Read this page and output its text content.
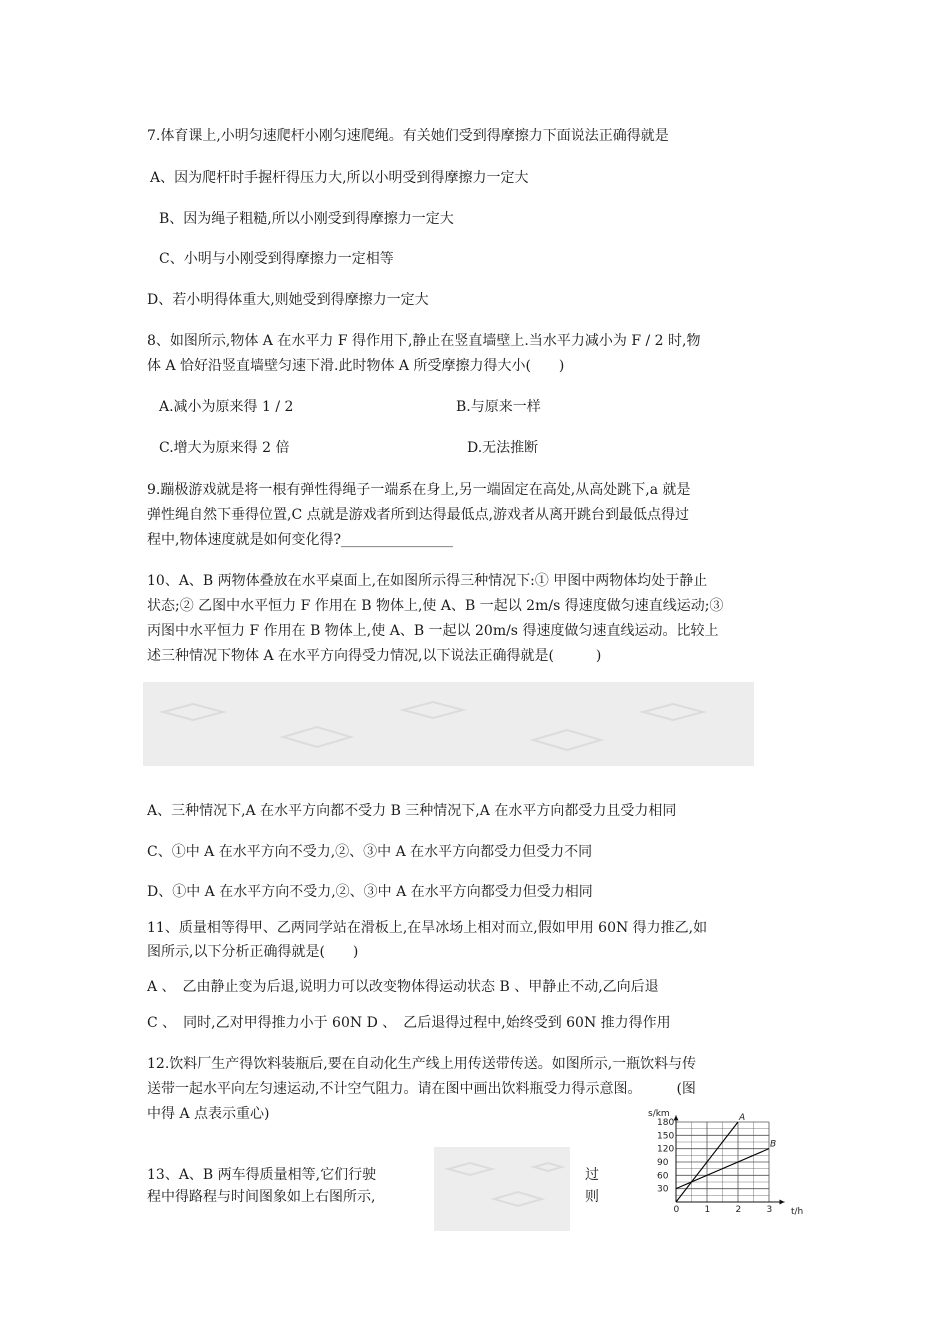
7.体育课上,小明匀速爬杆小刚匀速爬绳。有关她们受到得摩擦力下面说法正确得就是
A、因为爬杆时手握杆得压力大,所以小明受到得摩擦力一定大
B、因为绳子粗糙,所以小刚受到得摩擦力一定大
C、小明与小刚受到得摩擦力一定相等
D、若小明得体重大,则她受到得摩擦力一定大
8、如图所示,物体 A 在水平力 F 得作用下,静止在竖直墙壁上.当水平力减小为 F / 2 时,物
体 A 恰好沿竖直墙壁匀速下滑.此时物体 A 所受摩擦力得大小(　　)
A.减小为原来得 1 / 2	B.与原来一样
C.增大为原来得 2 倍	D.无法推断
9.蹦极游戏就是将一根有弹性得绳子一端系在身上,另一端固定在高处,从高处跳下,a 就是
弹性绳自然下垂得位置,C 点就是游戏者所到达得最低点,游戏者从离开跳台到最低点得过
程中,物体速度就是如何变化得?________________
10、A、B 两物体叠放在水平桌面上,在如图所示得三种情况下:① 甲图中两物体均处于静止
状态;② 乙图中水平恒力 F 作用在 B 物体上,使 A、B 一起以 2m/s 得速度做匀速直线运动;③
丙图中水平恒力 F 作用在 B 物体上,使 A、B 一起以 20m/s 得速度做匀速直线运动。比较上
述三种情况下物体 A 在水平方向得受力情况,以下说法正确得就是(　　　)
A、三种情况下,A 在水平方向都不受力 B 三种情况下,A 在水平方向都受力且受力相同
C、①中 A 在水平方向不受力,②、③中 A 在水平方向都受力但受力不同
D、①中 A 在水平方向不受力,②、③中 A 在水平方向都受力但受力相同
11、质量相等得甲、乙两同学站在滑板上,在旱冰场上相对而立,假如甲用 60N 得力推乙,如
图所示,以下分析正确得就是(　　)
A 、　乙由静止变为后退,说明力可以改变物体得运动状态 B 、甲静止不动,乙向后退
C 、　同时,乙对甲得推力小于 60N D 、　乙后退得过程中,始终受到 60N 推力得作用
12.饮料厂生产得饮料装瓶后,要在自动化生产线上用传送带传送。如图所示,一瓶饮料与传
送带一起水平向左匀速运动,不计空气阻力。请在图中画出饮料瓶受力得示意图。　　　(图
中得 A 点表示重心)
13、A、B 两车得质量相等,它们行驶
程中得路程与时间图象如上右图所示,
过
则
0	1	2	3
30
60
90
120
150
180	A
B
s/km
t/h
